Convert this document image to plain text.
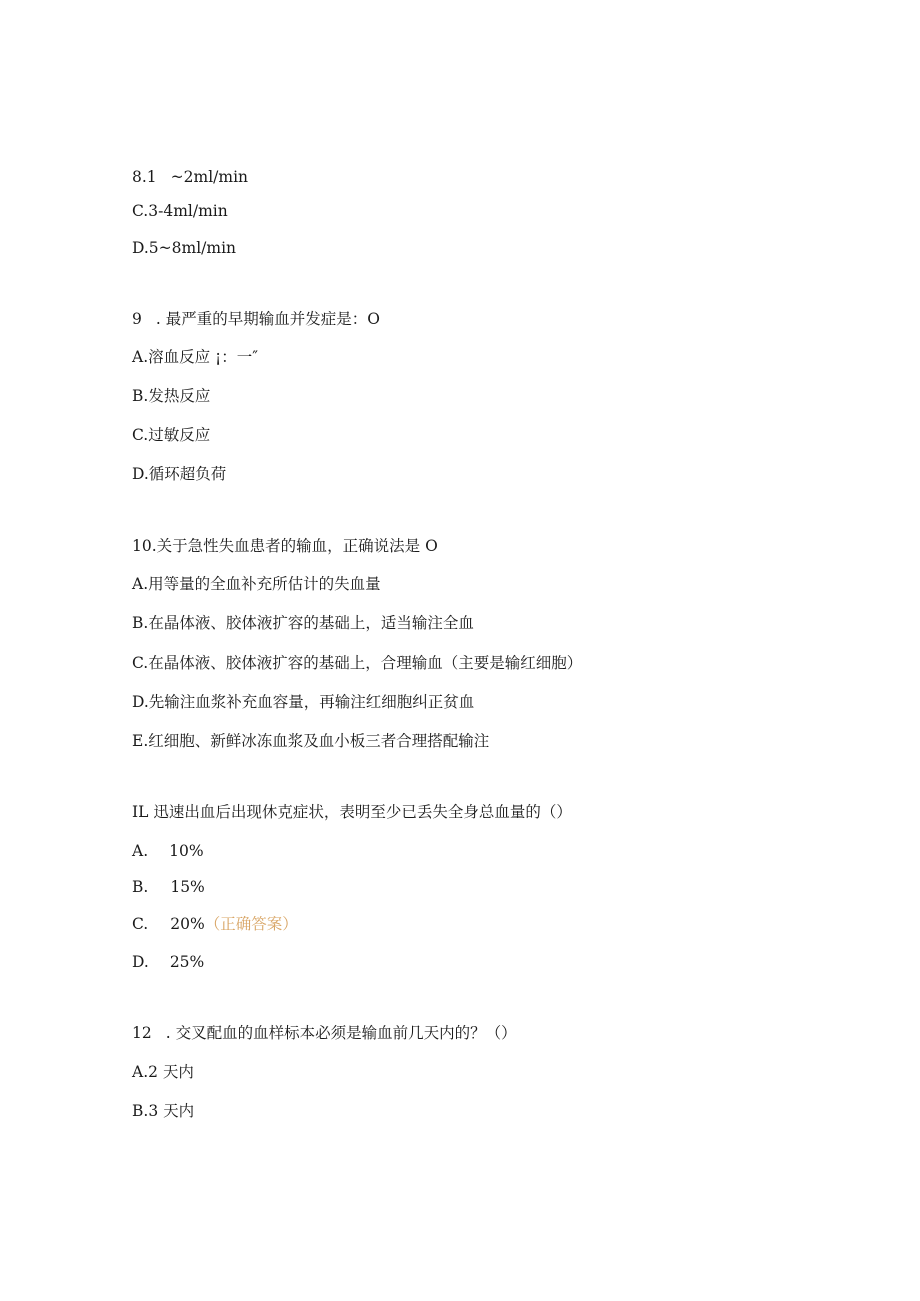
8.1 ~2ml/min
C.3-4ml/min
D.5~8ml/min
9 . 最严重的早期输血并发症是：O
A.溶血反应 ¡：一″
B.发热反应
C.过敏反应
D.循环超负荷
10.关于急性失血患者的输血，正确说法是 O
A.用等量的全血补充所估计的失血量
B.在晶体液、胶体液扩容的基础上，适当输注全血
C.在晶体液、胶体液扩容的基础上，合理输血（主要是输红细胞）
D.先输注血浆补充血容量，再输注红细胞纠正贫血
E.红细胞、新鲜冰冻血浆及血小板三者合理搭配输注
IL 迅速出血后出现休克症状，表明至少已丢失全身总血量的（）
A. 10%
B. 15%
C. 20%（正确答案）
D. 25%
12 . 交叉配血的血样标本必须是输血前几天内的？（）
A.2 天内
B.3 天内
